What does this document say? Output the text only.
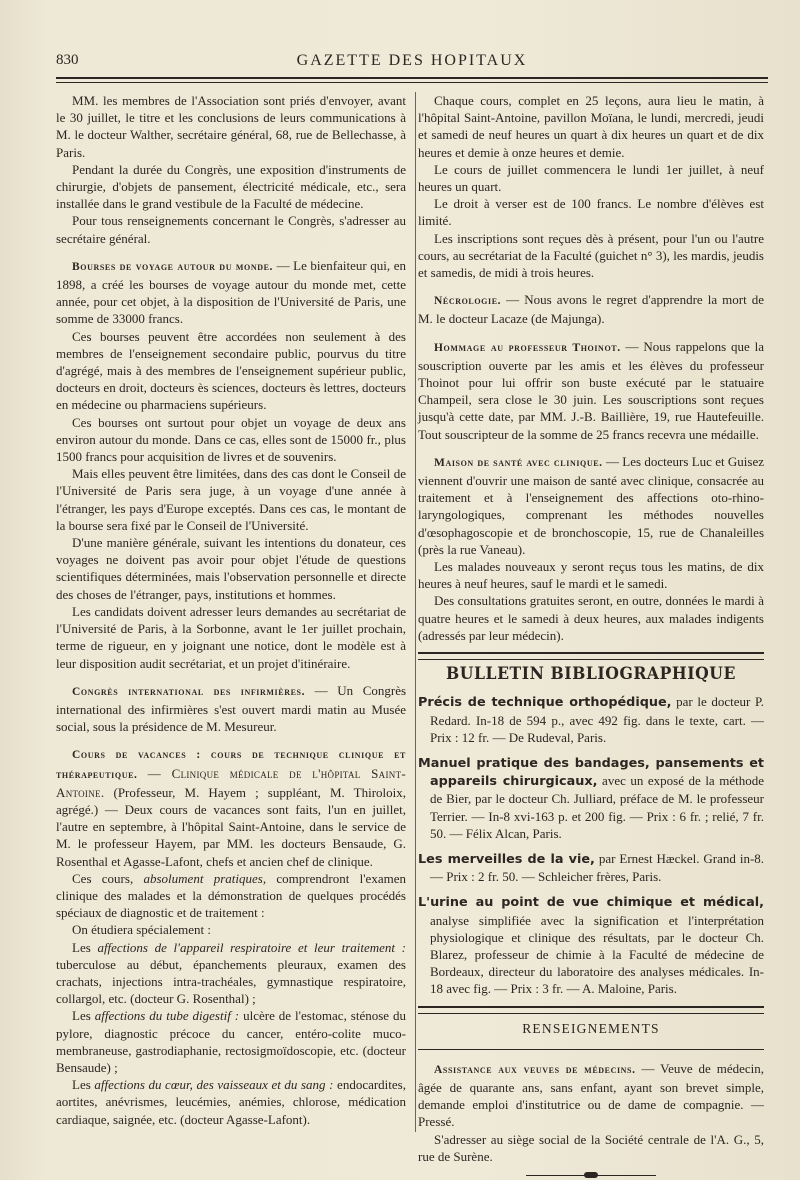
830	GAZETTE DES HOPITAUX

MM. les membres de l'Association sont priés d'envoyer, avant le 30 juillet, le titre et les conclusions de leurs communications à M. le docteur Walther, secrétaire général, 68, rue de Bellechasse, à Paris.

Pendant la durée du Congrès, une exposition d'instruments de chirurgie, d'objets de pansement, électricité médicale, etc., sera installée dans le grand vestibule de la Faculté de médecine.

Pour tous renseignements concernant le Congrès, s'adresser au secrétaire général.

Bourses de voyage autour du monde. — Le bienfaiteur qui, en 1898, a créé les bourses de voyage autour du monde met, cette année, pour cet objet, à la disposition de l'Université de Paris, une somme de 33000 francs.

Ces bourses peuvent être accordées non seulement à des membres de l'enseignement secondaire public, pourvus du titre d'agrégé, mais à des membres de l'enseignement supérieur public, docteurs en droit, docteurs ès sciences, docteurs ès lettres, docteurs en médecine ou pharmaciens supérieurs.

Ces bourses ont surtout pour objet un voyage de deux ans environ autour du monde. Dans ce cas, elles sont de 15000 fr., plus 1500 francs pour acquisition de livres et de souvenirs.

Mais elles peuvent être limitées, dans des cas dont le Conseil de l'Université de Paris sera juge, à un voyage d'une année à l'étranger, les pays d'Europe exceptés. Dans ces cas, le montant de la bourse sera fixé par le Conseil de l'Université.

D'une manière générale, suivant les intentions du donateur, ces voyages ne doivent pas avoir pour objet l'étude de questions scientifiques déterminées, mais l'observation personnelle et directe des choses de l'étranger, pays, institutions et hommes.

Les candidats doivent adresser leurs demandes au secrétariat de l'Université de Paris, à la Sorbonne, avant le 1er juillet prochain, terme de rigueur, en y joignant une notice, dont le modèle est à leur disposition audit secrétariat, et un projet d'itinéraire.

Congrès international des infirmières. — Un Congrès international des infirmières s'est ouvert mardi matin au Musée social, sous la présidence de M. Mesureur.

Cours de vacances : cours de technique clinique et thérapeutique. — Clinique médicale de l'hôpital Saint-Antoine. (Professeur, M. Hayem ; suppléant, M. Thiroloix, agrégé.) — Deux cours de vacances sont faits, l'un en juillet, l'autre en septembre, à l'hôpital Saint-Antoine, dans le service de M. le professeur Hayem, par MM. les docteurs Bensaude, G. Rosenthal et Agasse-Lafont, chefs et ancien chef de clinique.

Ces cours, absolument pratiques, comprendront l'examen clinique des malades et la démonstration de quelques procédés spéciaux de diagnostic et de traitement :

On étudiera spécialement :

Les affections de l'appareil respiratoire et leur traitement : tuberculose au début, épanchements pleuraux, examen des crachats, injections intra-trachéales, gymnastique respiratoire, collargol, etc. (docteur G. Rosenthal) ;

Les affections du tube digestif : ulcère de l'estomac, sténose du pylore, diagnostic précoce du cancer, entéro-colite muco-membraneuse, gastrodiaphanie, rectosigmoïdoscopie, etc. (docteur Bensaude) ;

Les affections du cœur, des vaisseaux et du sang : endocardites, aortites, anévrismes, leucémies, anémies, chlorose, médication cardiaque, saignée, etc. (docteur Agasse-Lafont).

Chaque cours, complet en 25 leçons, aura lieu le matin, à l'hôpital Saint-Antoine, pavillon Moïana, le lundi, mercredi, jeudi et samedi de neuf heures un quart à dix heures un quart et de dix heures et demie à onze heures et demie.

Le cours de juillet commencera le lundi 1er juillet, à neuf heures un quart.

Le droit à verser est de 100 francs. Le nombre d'élèves est limité.

Les inscriptions sont reçues dès à présent, pour l'un ou l'autre cours, au secrétariat de la Faculté (guichet n° 3), les mardis, jeudis et samedis, de midi à trois heures.

Nécrologie. — Nous avons le regret d'apprendre la mort de M. le docteur Lacaze (de Majunga).

Hommage au professeur Thoinot. — Nous rappelons que la souscription ouverte par les amis et les élèves du professeur Thoinot pour lui offrir son buste exécuté par le statuaire Champeil, sera close le 30 juin. Les souscriptions sont reçues jusqu'à cette date, par MM. J.-B. Baillière, 19, rue Hautefeuille. Tout souscripteur de la somme de 25 francs recevra une médaille.

Maison de santé avec clinique. — Les docteurs Luc et Guisez viennent d'ouvrir une maison de santé avec clinique, consacrée au traitement et à l'enseignement des affections oto-rhino-laryngologiques, comprenant les méthodes nouvelles d'œsophagoscopie et de bronchoscopie, 15, rue de Chanaleilles (près la rue Vaneau).

Les malades nouveaux y seront reçus tous les matins, de dix heures à neuf heures, sauf le mardi et le samedi.

Des consultations gratuites seront, en outre, données le mardi à quatre heures et le samedi à deux heures, aux malades indigents (adressés par leur médecin).

BULLETIN BIBLIOGRAPHIQUE
Précis de technique orthopédique, par le docteur P. Redard. In-18 de 594 p., avec 492 fig. dans le texte, cart. — Prix : 12 fr. — De Rudeval, Paris.
Manuel pratique des bandages, pansements et appareils chirurgicaux, avec un exposé de la méthode de Bier, par le docteur Ch. Julliard, préface de M. le professeur Terrier. — In-8 xvi-163 p. et 200 fig. — Prix : 6 fr. ; relié, 7 fr. 50. — Félix Alcan, Paris.
Les merveilles de la vie, par Ernest Hæckel. Grand in-8. — Prix : 2 fr. 50. — Schleicher frères, Paris.
L'urine au point de vue chimique et médical, analyse simplifiée avec la signification et l'interprétation physiologique et clinique des résultats, par le docteur Ch. Blarez, professeur de chimie à la Faculté de médecine de Bordeaux, directeur du laboratoire des analyses médicales. In-18 avec fig. — Prix : 3 fr. — A. Maloine, Paris.
RENSEIGNEMENTS

Assistance aux veuves de médecins. — Veuve de médecin, âgée de quarante ans, sans enfant, ayant son brevet simple, demande emploi d'institutrice ou de dame de compagnie. — Pressé.

S'adresser au siège social de la Société centrale de l'A. G., 5, rue de Surène.
